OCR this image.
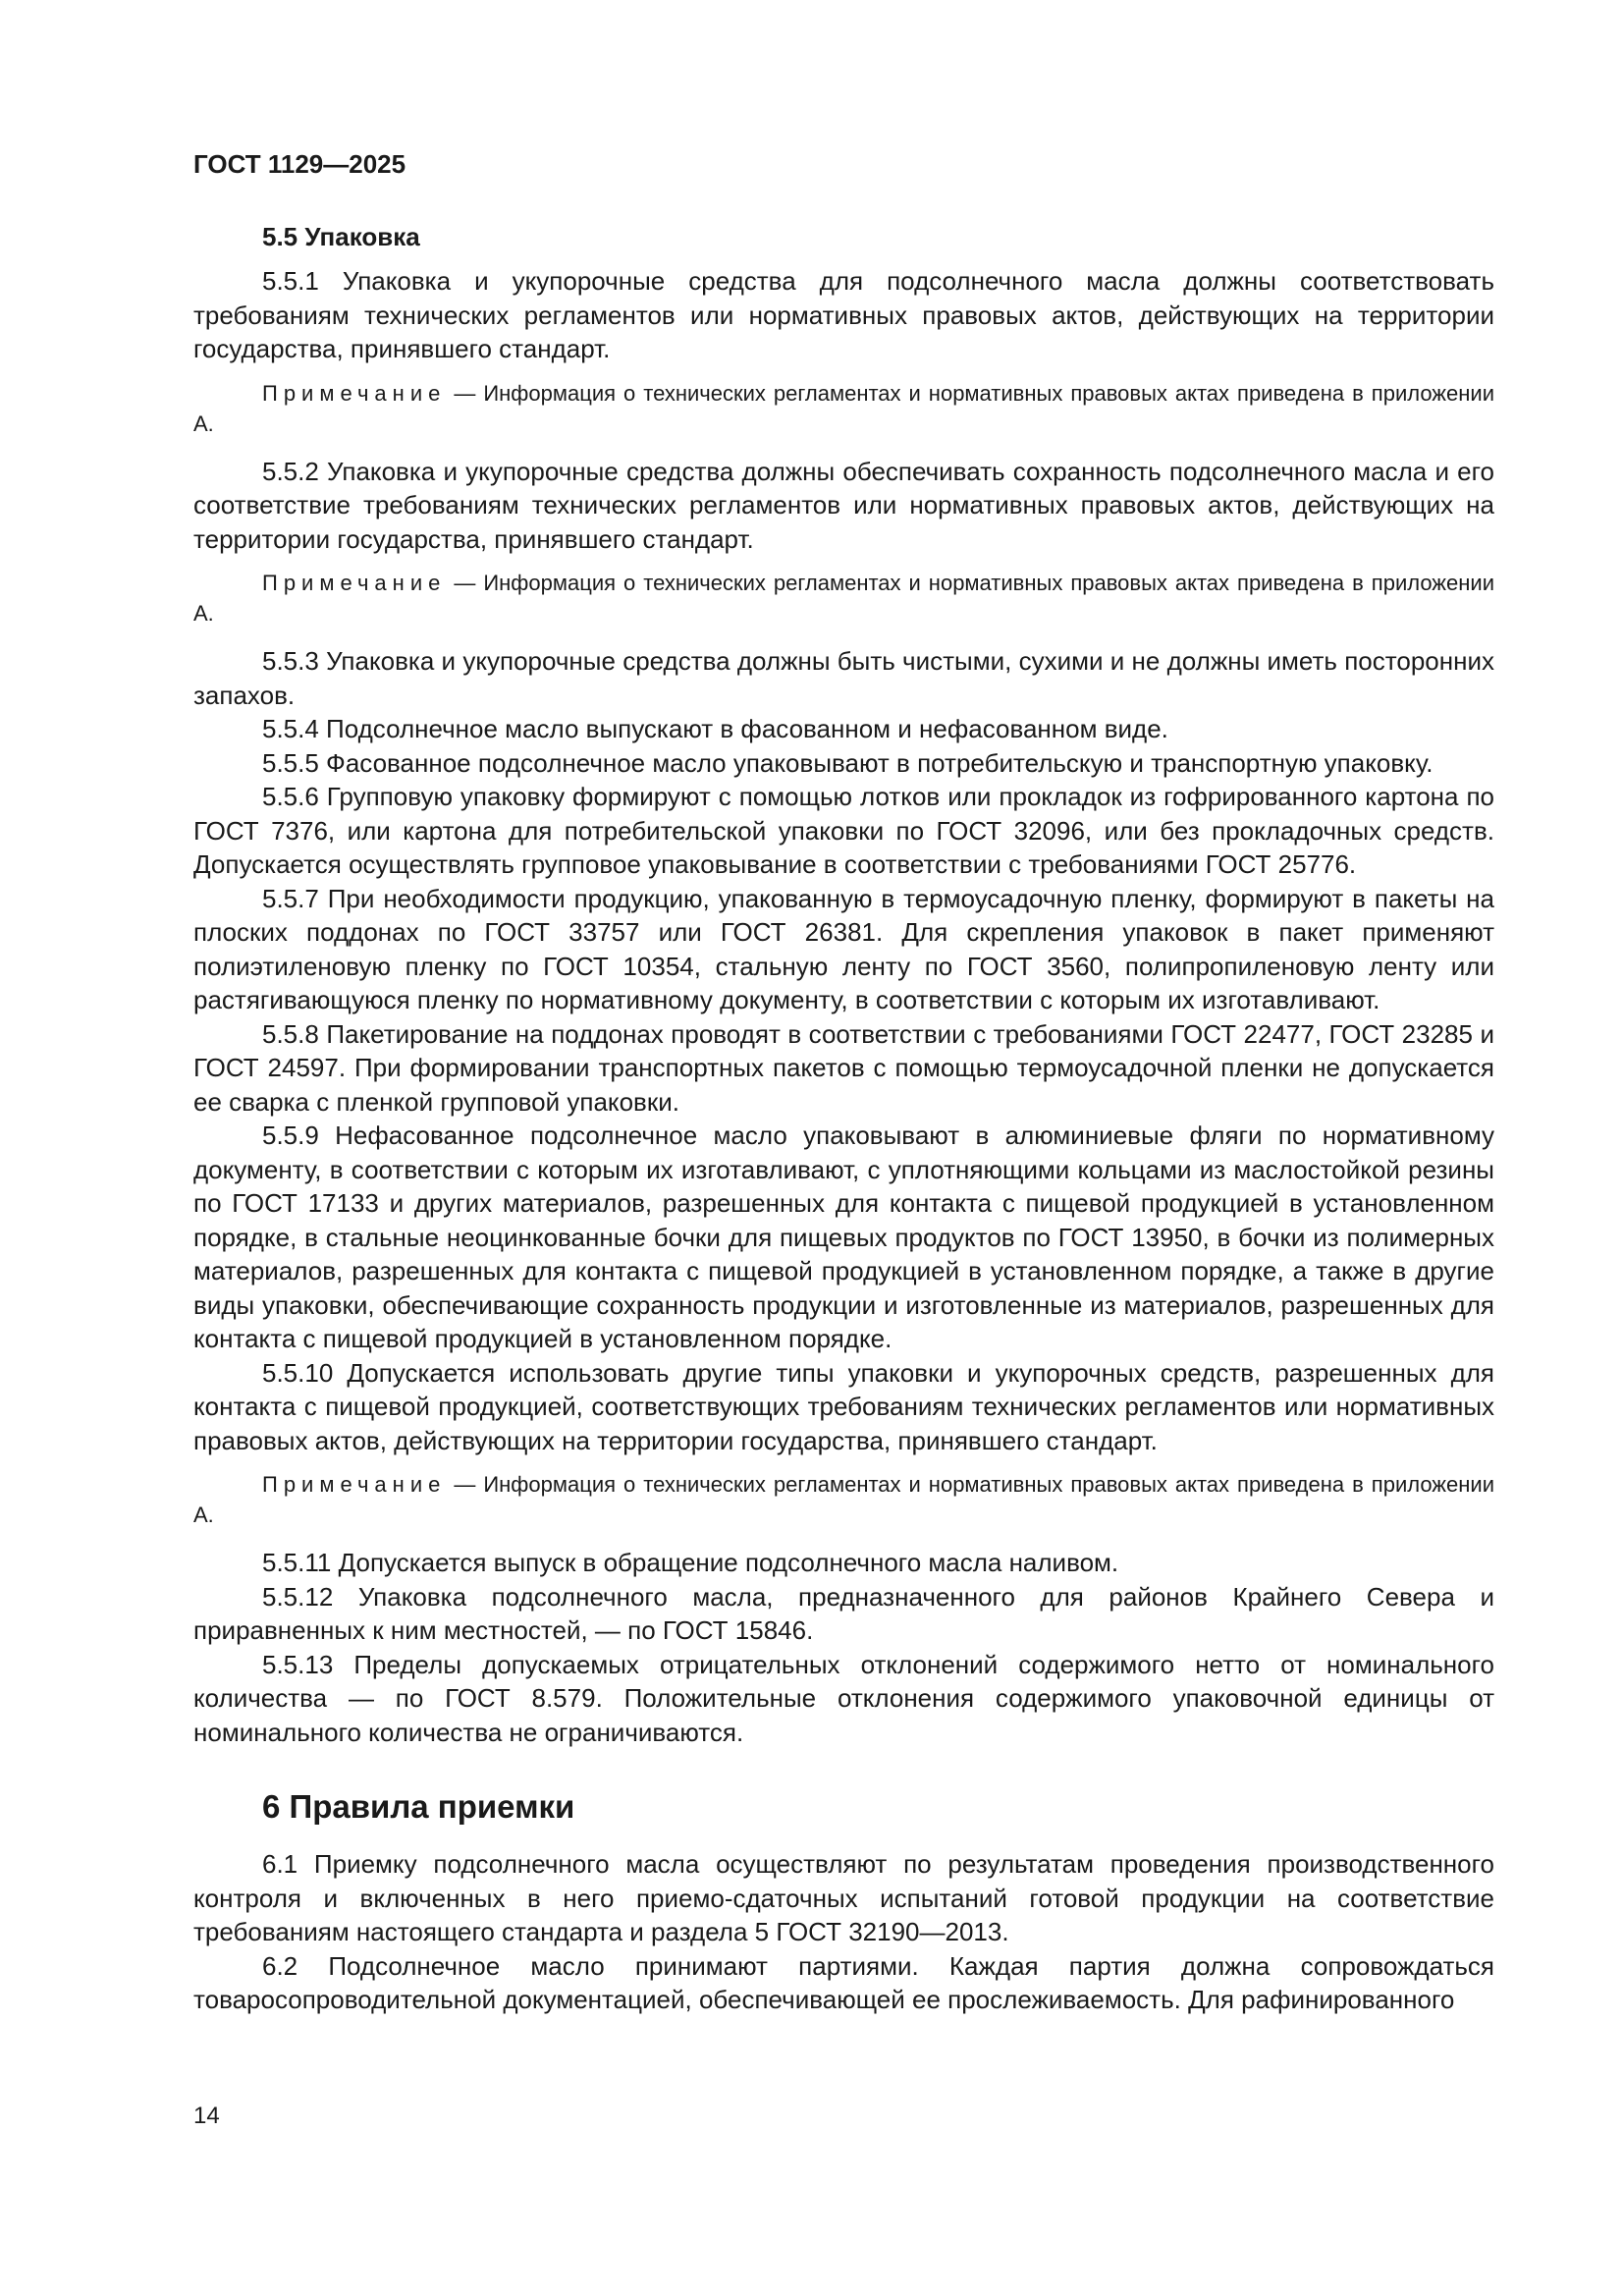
ГОСТ 1129—2025
5.5 Упаковка

5.5.1 Упаковка и укупорочные средства для подсолнечного масла должны соответствовать требованиям технических регламентов или нормативных правовых актов, действующих на территории государства, принявшего стандарт.

Примечание — Информация о технических регламентах и нормативных правовых актах приведена в приложении А.

5.5.2 Упаковка и укупорочные средства должны обеспечивать сохранность подсолнечного масла и его соответствие требованиям технических регламентов или нормативных правовых актов, действующих на территории государства, принявшего стандарт.

Примечание — Информация о технических регламентах и нормативных правовых актах приведена в приложении А.

5.5.3 Упаковка и укупорочные средства должны быть чистыми, сухими и не должны иметь посторонних запахов.

5.5.4 Подсолнечное масло выпускают в фасованном и нефасованном виде.

5.5.5 Фасованное подсолнечное масло упаковывают в потребительскую и транспортную упаковку.

5.5.6 Групповую упаковку формируют с помощью лотков или прокладок из гофрированного картона по ГОСТ 7376, или картона для потребительской упаковки по ГОСТ 32096, или без прокладочных средств. Допускается осуществлять групповое упаковывание в соответствии с требованиями ГОСТ 25776.

5.5.7 При необходимости продукцию, упакованную в термоусадочную пленку, формируют в пакеты на плоских поддонах по ГОСТ 33757 или ГОСТ 26381. Для скрепления упаковок в пакет применяют полиэтиленовую пленку по ГОСТ 10354, стальную ленту по ГОСТ 3560, полипропиленовую ленту или растягивающуюся пленку по нормативному документу, в соответствии с которым их изготавливают.

5.5.8 Пакетирование на поддонах проводят в соответствии с требованиями ГОСТ 22477, ГОСТ 23285 и ГОСТ 24597. При формировании транспортных пакетов с помощью термоусадочной пленки не допускается ее сварка с пленкой групповой упаковки.

5.5.9 Нефасованное подсолнечное масло упаковывают в алюминиевые фляги по нормативному документу, в соответствии с которым их изготавливают, с уплотняющими кольцами из маслостойкой резины по ГОСТ 17133 и других материалов, разрешенных для контакта с пищевой продукцией в установленном порядке, в стальные неоцинкованные бочки для пищевых продуктов по ГОСТ 13950, в бочки из полимерных материалов, разрешенных для контакта с пищевой продукцией в установленном порядке, а также в другие виды упаковки, обеспечивающие сохранность продукции и изготовленные из материалов, разрешенных для контакта с пищевой продукцией в установленном порядке.

5.5.10 Допускается использовать другие типы упаковки и укупорочных средств, разрешенных для контакта с пищевой продукцией, соответствующих требованиям технических регламентов или нормативных правовых актов, действующих на территории государства, принявшего стандарт.

Примечание — Информация о технических регламентах и нормативных правовых актах приведена в приложении А.

5.5.11 Допускается выпуск в обращение подсолнечного масла наливом.

5.5.12 Упаковка подсолнечного масла, предназначенного для районов Крайнего Севера и приравненных к ним местностей, — по ГОСТ 15846.

5.5.13 Пределы допускаемых отрицательных отклонений содержимого нетто от номинального количества — по ГОСТ 8.579. Положительные отклонения содержимого упаковочной единицы от номинального количества не ограничиваются.

6 Правила приемки

6.1 Приемку подсолнечного масла осуществляют по результатам проведения производственного контроля и включенных в него приемо-сдаточных испытаний готовой продукции на соответствие требованиям настоящего стандарта и раздела 5 ГОСТ 32190—2013.

6.2 Подсолнечное масло принимают партиями. Каждая партия должна сопровождаться товаросопроводительной документацией, обеспечивающей ее прослеживаемость. Для рафинированного

14
